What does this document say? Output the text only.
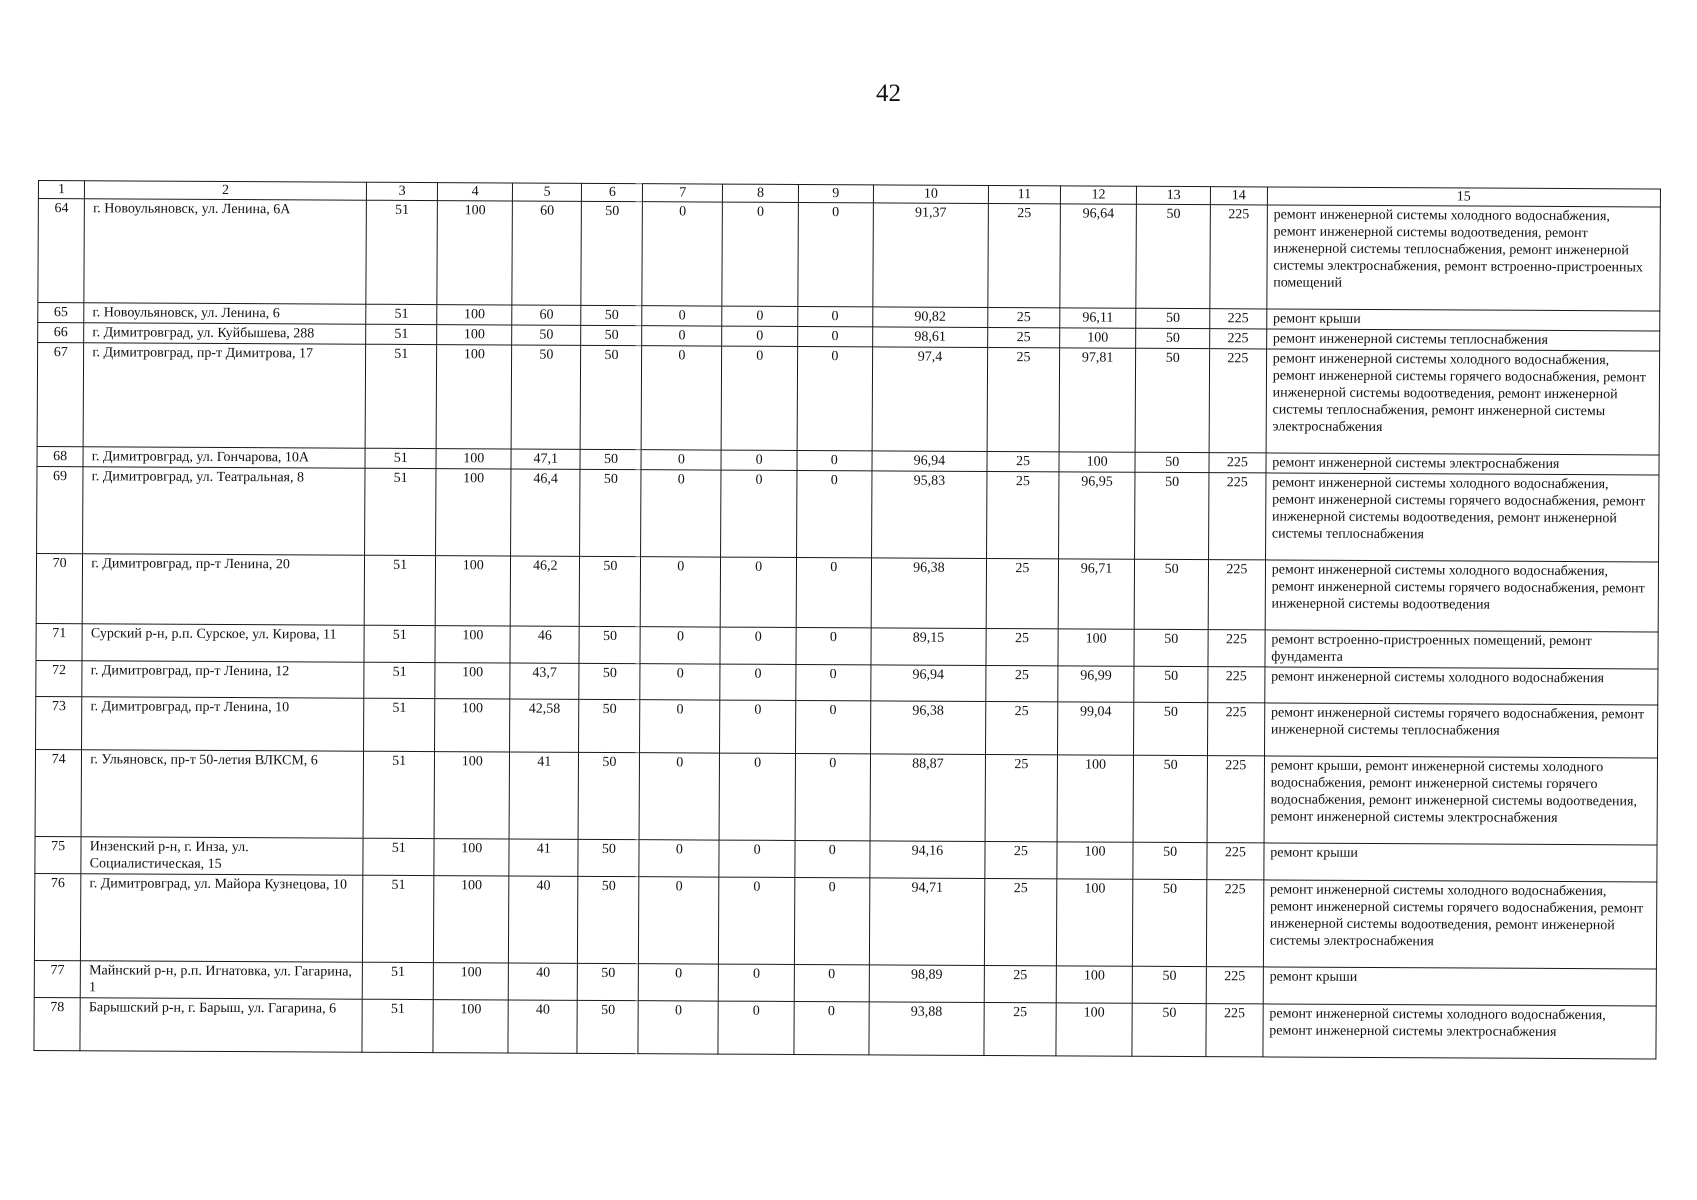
42
1	2	3	4	5	6	7	8	9	10	11	12	13	14	15
64	г. Новоульяновск, ул. Ленина, 6А	51	100	60	50	0	0	0	91,37	25	96,64	50	225	ремонт инженерной системы холодного водоснабжения, ремонт инженерной системы водоотведения, ремонт инженерной системы теплоснабжения, ремонт инженерной системы электроснабжения, ремонт встроенно-пристроенных помещений
65	г. Новоульяновск, ул. Ленина, 6	51	100	60	50	0	0	0	90,82	25	96,11	50	225	ремонт крыши
66	г. Димитровград, ул. Куйбышева, 288	51	100	50	50	0	0	0	98,61	25	100	50	225	ремонт инженерной системы теплоснабжения
67	г. Димитровград, пр-т Димитрова, 17	51	100	50	50	0	0	0	97,4	25	97,81	50	225	ремонт инженерной системы холодного водоснабжения, ремонт инженерной системы горячего водоснабжения, ремонт инженерной системы водоотведения, ремонт инженерной системы теплоснабжения, ремонт инженерной системы электроснабжения
68	г. Димитровград, ул. Гончарова, 10А	51	100	47,1	50	0	0	0	96,94	25	100	50	225	ремонт инженерной системы электроснабжения
69	г. Димитровград, ул. Театральная, 8	51	100	46,4	50	0	0	0	95,83	25	96,95	50	225	ремонт инженерной системы холодного водоснабжения, ремонт инженерной системы горячего водоснабжения, ремонт инженерной системы водоотведения, ремонт инженерной системы теплоснабжения
70	г. Димитровград, пр-т Ленина, 20	51	100	46,2	50	0	0	0	96,38	25	96,71	50	225	ремонт инженерной системы холодного водоснабжения, ремонт инженерной системы горячего водоснабжения, ремонт инженерной системы водоотведения
71	Сурский р-н, р.п. Сурское, ул. Кирова, 11	51	100	46	50	0	0	0	89,15	25	100	50	225	ремонт встроенно-пристроенных помещений, ремонт фундамента
72	г. Димитровград, пр-т Ленина, 12	51	100	43,7	50	0	0	0	96,94	25	96,99	50	225	ремонт инженерной системы холодного водоснабжения
73	г. Димитровград, пр-т Ленина, 10	51	100	42,58	50	0	0	0	96,38	25	99,04	50	225	ремонт инженерной системы горячего водоснабжения, ремонт инженерной системы теплоснабжения
74	г. Ульяновск, пр-т 50-летия ВЛКСМ, 6	51	100	41	50	0	0	0	88,87	25	100	50	225	ремонт крыши, ремонт инженерной системы холодного водоснабжения, ремонт инженерной системы горячего водоснабжения, ремонт инженерной системы водоотведения, ремонт инженерной системы электроснабжения
75	Инзенский р-н, г. Инза, ул. Социалистическая, 15	51	100	41	50	0	0	0	94,16	25	100	50	225	ремонт крыши
76	г. Димитровград, ул. Майора Кузнецова, 10	51	100	40	50	0	0	0	94,71	25	100	50	225	ремонт инженерной системы холодного водоснабжения, ремонт инженерной системы горячего водоснабжения, ремонт инженерной системы водоотведения, ремонт инженерной системы электроснабжения
77	Майнский р-н, р.п. Игнатовка, ул. Гагарина, 1	51	100	40	50	0	0	0	98,89	25	100	50	225	ремонт крыши
78	Барышский р-н, г. Барыш, ул. Гагарина, 6	51	100	40	50	0	0	0	93,88	25	100	50	225	ремонт инженерной системы холодного водоснабжения, ремонт инженерной системы электроснабжения
